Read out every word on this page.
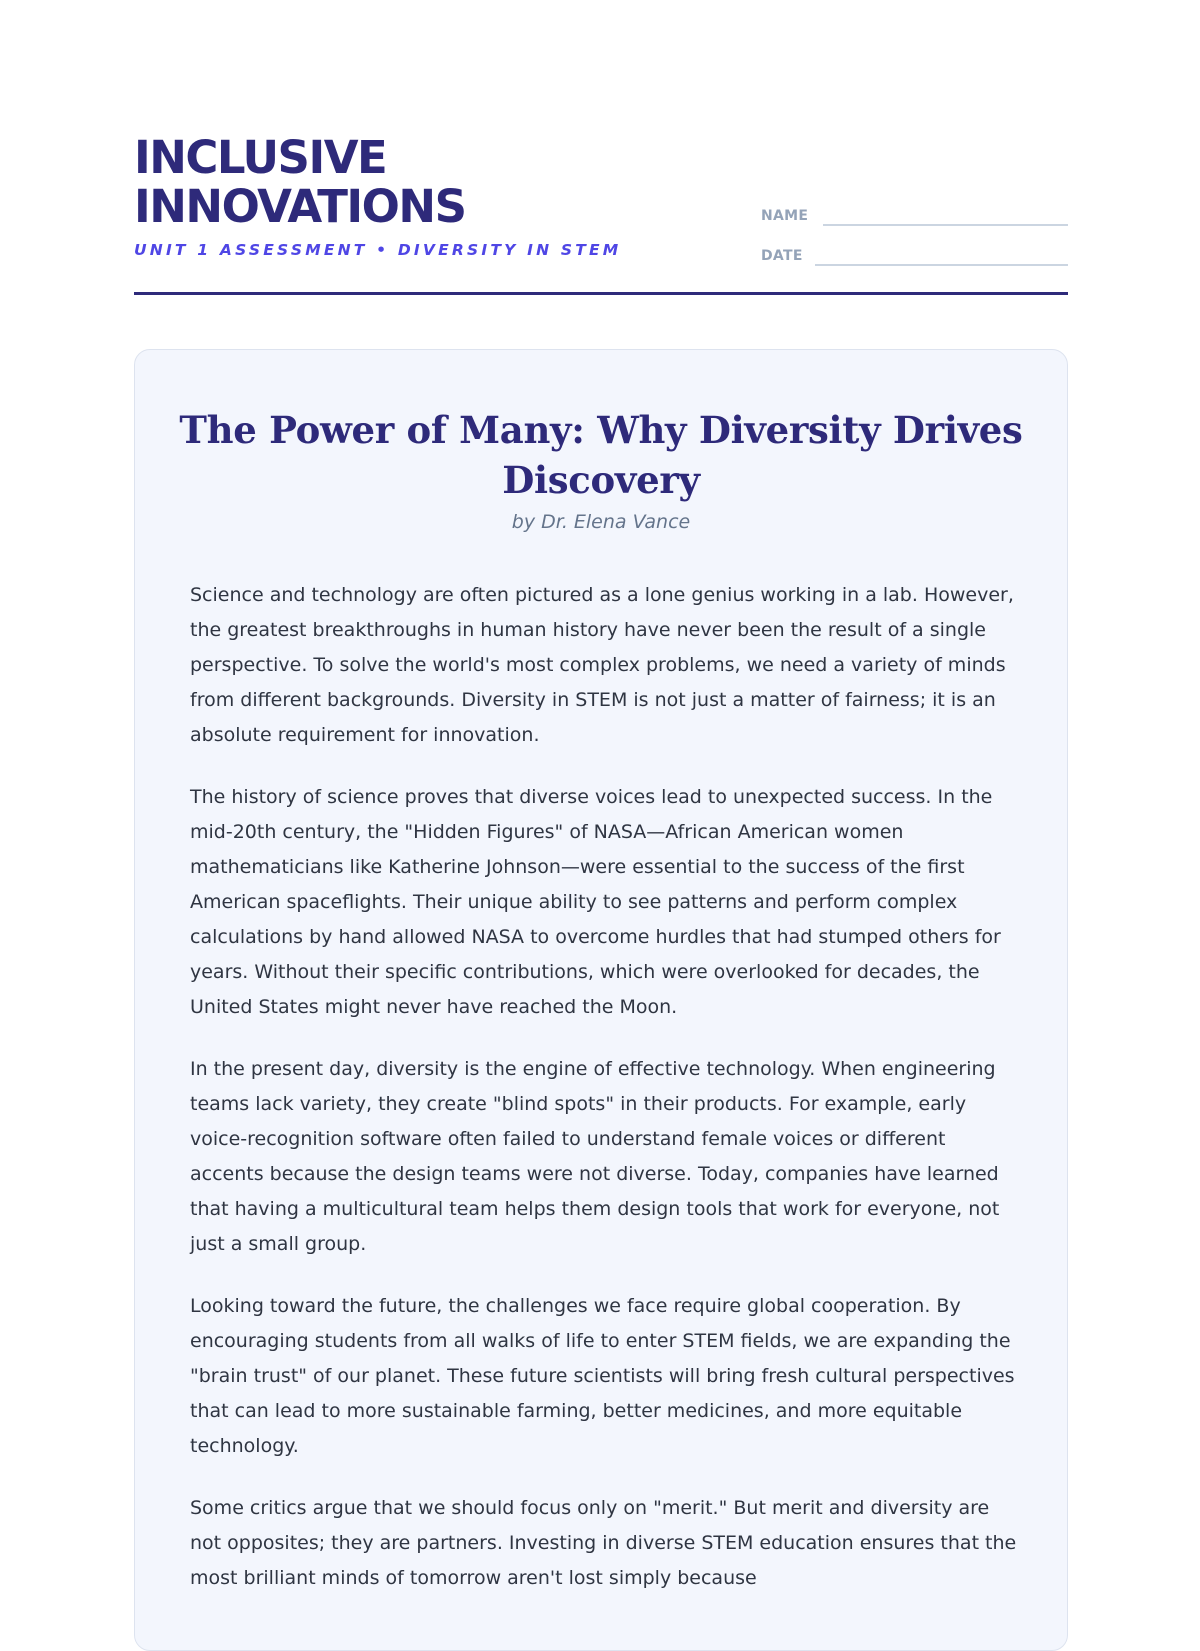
INCLUSIVE
INNOVATIONS
UNIT 1 ASSESSMENT • DIVERSITY IN STEM
NAME
DATE
The Power of Many: Why Diversity Drives Discovery
by Dr. Elena Vance

Science and technology are often pictured as a lone genius working in a lab. However, the greatest breakthroughs in human history have never been the result of a single perspective. To solve the world's most complex problems, we need a variety of minds from different backgrounds. Diversity in STEM is not just a matter of fairness; it is an absolute requirement for innovation.

The history of science proves that diverse voices lead to unexpected success. In the mid-20th century, the "Hidden Figures" of NASA—African American women mathematicians like Katherine Johnson—were essential to the success of the first American spaceflights. Their unique ability to see patterns and perform complex calculations by hand allowed NASA to overcome hurdles that had stumped others for years. Without their specific contributions, which were overlooked for decades, the United States might never have reached the Moon.

In the present day, diversity is the engine of effective technology. When engineering teams lack variety, they create "blind spots" in their products. For example, early voice-recognition software often failed to understand female voices or different accents because the design teams were not diverse. Today, companies have learned that having a multicultural team helps them design tools that work for everyone, not just a small group.

Looking toward the future, the challenges we face require global cooperation. By encouraging students from all walks of life to enter STEM fields, we are expanding the "brain trust" of our planet. These future scientists will bring fresh cultural perspectives that can lead to more sustainable farming, better medicines, and more equitable technology.

Some critics argue that we should focus only on "merit." But merit and diversity are not opposites; they are partners. Investing in diverse STEM education ensures that the most brilliant minds of tomorrow aren't lost simply because
